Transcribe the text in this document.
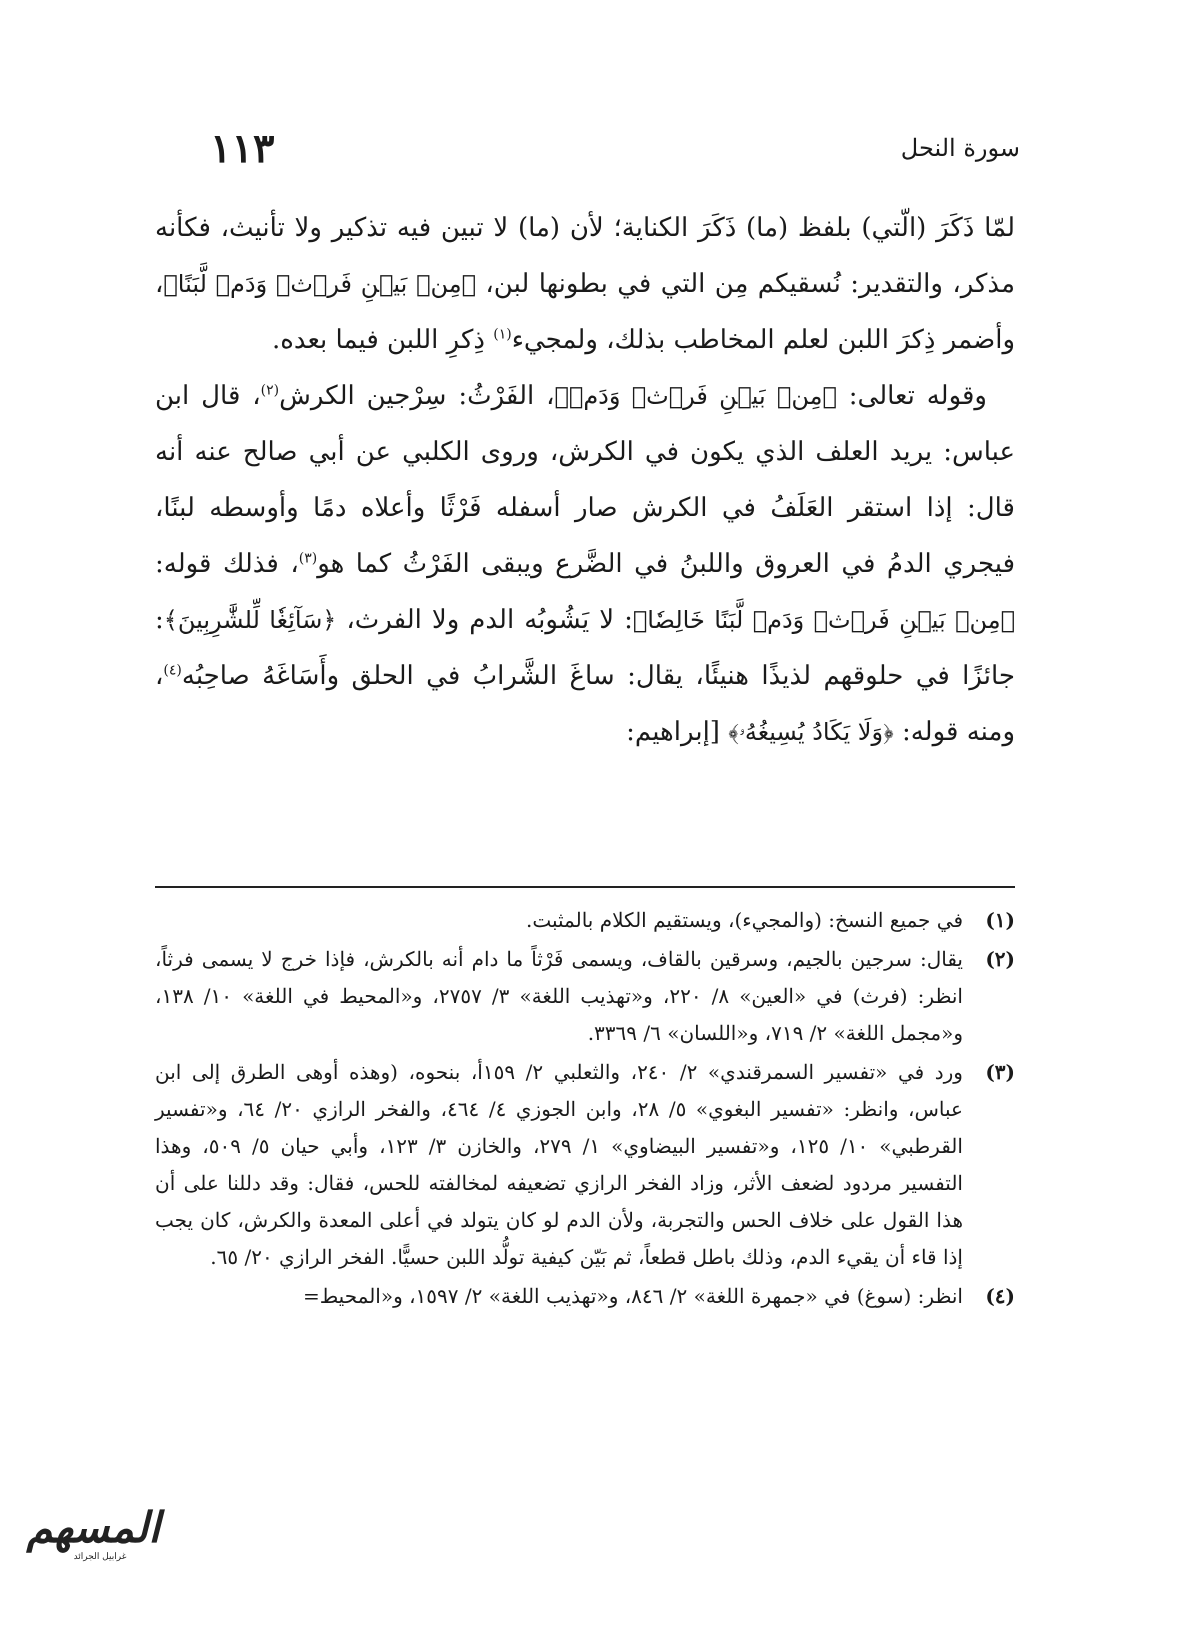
سورة النحل
١١٣

لمّا ذَكَرَ (الّتي) بلفظ (ما) ذَكَرَ الكناية؛ لأن (ما) لا تبين فيه تذكير ولا تأنيث، فكأنه مذكر، والتقدير: نُسقيكم مِن التي في بطونها لبن، ﴿مِنۢ بَيۡنِ فَرۡثٖ وَدَمٖ لَّبَنًا﴾، وأضمر ذِكرَ اللبن لعلم المخاطب بذلك، ولمجيء$^{(١)}$ ذِكرِ اللبن فيما بعده.

وقوله تعالى: ﴿مِنۢ بَيۡنِ فَرۡثٖ وَدَمٖ﴾، الفَرْثُ: سِرْجين الكرش$^{(٢)}$، قال ابن عباس: يريد العلف الذي يكون في الكرش، وروى الكلبي عن أبي صالح عنه أنه قال: إذا استقر العَلَفُ في الكرش صار أسفله فَرْثًا وأعلاه دمًا وأوسطه لبنًا، فيجري الدمُ في العروق واللبنُ في الضَّرع ويبقى الفَرْثُ كما هو$^{(٣)}$، فذلك قوله: ﴿مِنۢ بَيۡنِ فَرۡثٖ وَدَمٖ لَّبَنًا خَالِصٗا﴾: لا يَشُوبُه الدم ولا الفرث، ﴿سَآئِغٗا لِّلشَّٰرِبِينَ﴾: جائزًا في حلوقهم لذيذًا هنيئًا، يقال: ساغَ الشَّرابُ في الحلق وأَسَاغَهُ صاحِبُه$^{(٤)}$، ومنه قوله: ﴿وَلَا يَكَادُ يُسِيغُهُۥ﴾ [إبراهيم:

(١)
في جميع النسخ: (والمجيء)، ويستقيم الكلام بالمثبت.
(٢)
يقال: سرجين بالجيم، وسرقين بالقاف، ويسمى فَرْثاً ما دام أنه بالكرش، فإذا خرج لا يسمى فرثاً، انظر: (فرث) في «العين» ٨/ ٢٢٠، و«تهذيب اللغة» ٣/ ٢٧٥٧، و«المحيط في اللغة» ١٠/ ١٣٨، و«مجمل اللغة» ٢/ ٧١٩، و«اللسان» ٦/ ٣٣٦٩.
(٣)
ورد في «تفسير السمرقندي» ٢/ ٢٤٠، والثعلبي ٢/ ١٥٩أ، بنحوه، (وهذه أوهى الطرق إلى ابن عباس، وانظر: «تفسير البغوي» ٥/ ٢٨، وابن الجوزي ٤/ ٤٦٤، والفخر الرازي ٢٠/ ٦٤، و«تفسير القرطبي» ١٠/ ١٢٥، و«تفسير البيضاوي» ١/ ٢٧٩، والخازن ٣/ ١٢٣، وأبي حيان ٥/ ٥٠٩، وهذا التفسير مردود لضعف الأثر، وزاد الفخر الرازي تضعيفه لمخالفته للحس، فقال: وقد دللنا على أن هذا القول على خلاف الحس والتجربة، ولأن الدم لو كان يتولد في أعلى المعدة والكرش، كان يجب إذا قاء أن يقيء الدم، وذلك باطل قطعاً، ثم بَيّن كيفية تولُّد اللبن حسيًّا. الفخر الرازي ٢٠/ ٦٥.
(٤)
انظر: (سوغ) في «جمهرة اللغة» ٢/ ٨٤٦، و«تهذيب اللغة» ٢/ ١٥٩٧، و«المحيط=
المسهم
غرابيل الجرائد
